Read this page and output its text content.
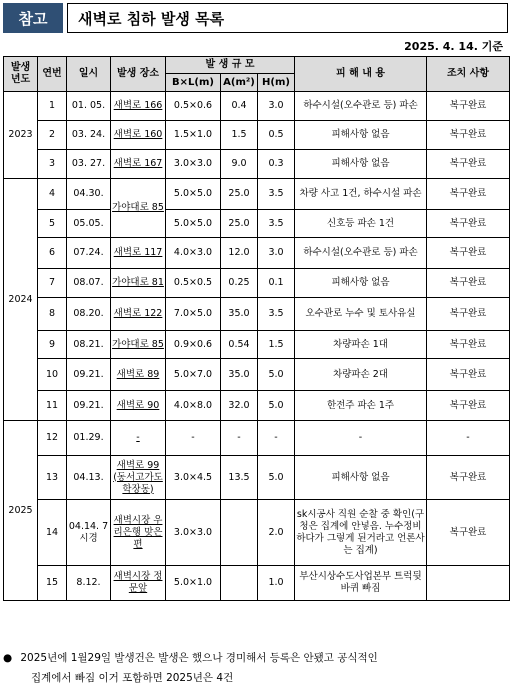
참고	새벽로 침하 발생 목록
2025. 4. 14. 기준
발생 년도	연번	일시	발생 장소	발 생 규 모			피 해 내 용	조치 사항
				B×L(m)	A(m²)	H(m)		
2023	1	01. 05.	새벽로 166	0.5×0.6	0.4	3.0	하수시설(오수관로 등) 파손	복구완료
	2	03. 24.	새벽로 160	1.5×1.0	1.5	0.5	피해사항 없음	복구완료
	3	03. 27.	새벽로 167	3.0×3.0	9.0	0.3	피해사항 없음	복구완료
2024	4	04.30.	가야대로 85	5.0×5.0	25.0	3.5	차량 사고 1건, 하수시설 파손	복구완료
	5	05.05.		5.0×5.0	25.0	3.5	신호등 파손 1건	복구완료
	6	07.24.	새벽로 117	4.0×3.0	12.0	3.0	하수시설(오수관로 등) 파손	복구완료
	7	08.07.	가야대로 81	0.5×0.5	0.25	0.1	피해사항 없음	복구완료
	8	08.20.	새벽로 122	7.0×5.0	35.0	3.5	오수관로 누수 및 토사유실	복구완료
	9	08.21.	가야대로 85	0.9×0.6	0.54	1.5	차량파손 1대	복구완료
	10	09.21.	새벽로 89	5.0×7.0	35.0	5.0	차량파손 2대	복구완료
	11	09.21.	새벽로 90	4.0×8.0	32.0	5.0	한전주 파손 1주	복구완료
2025	12	01.29.	-	-	-	-	-	-
	13	04.13.	새벽로 99 (동서고가도 학장동)	3.0×4.5	13.5	5.0	피해사항 없음	복구완료
	14	04.14. 7시경	새벽시장 우리은행 맞은편	3.0×3.0		2.0	sk시공사 직원 순찰 중 확인(구청은 집계에 안넣음. 누수정비하다가 그렇게 된거라고 언론사는 집계)	복구완료
	15	8.12.	새벽시장 정문앞	5.0×1.0		1.0	부산시상수도사업본부 트럭뒷바퀴 빠짐	
● 2025년에 1월29일 발생건은 발생은 했으나 경미해서 등록은 안됐고 공식적인
집계에서 빠짐 이거 포함하면 2025년은 4건
